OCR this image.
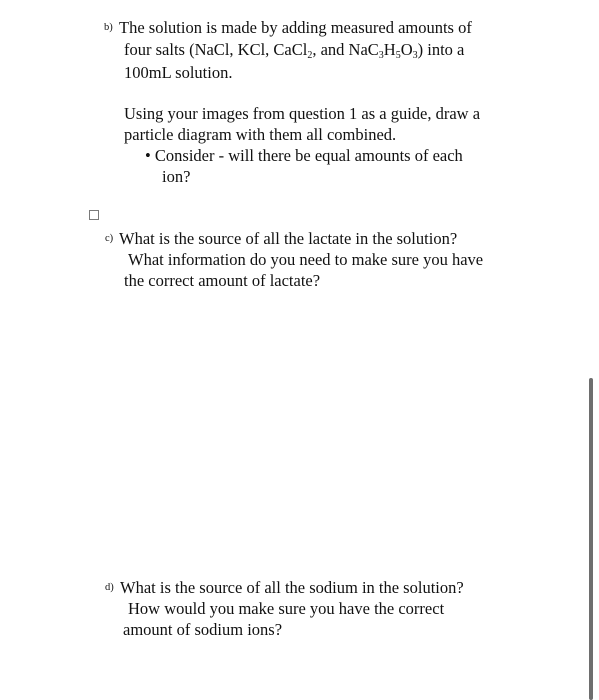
b) The solution is made by adding measured amounts of
four salts (NaCl, KCl, CaCl$_2$, and $NaC_3H_5O_3$) into a
100mL solution.
Using your images from question 1 as a guide, draw a
particle diagram with them all combined.
• Consider - will there be equal amounts of each
ion?
c) What is the source of all the lactate in the solution?
What information do you need to make sure you have
the correct amount of lactate?
d) What is the source of all the sodium in the solution?
How would you make sure you have the correct
amount of sodium ions?
